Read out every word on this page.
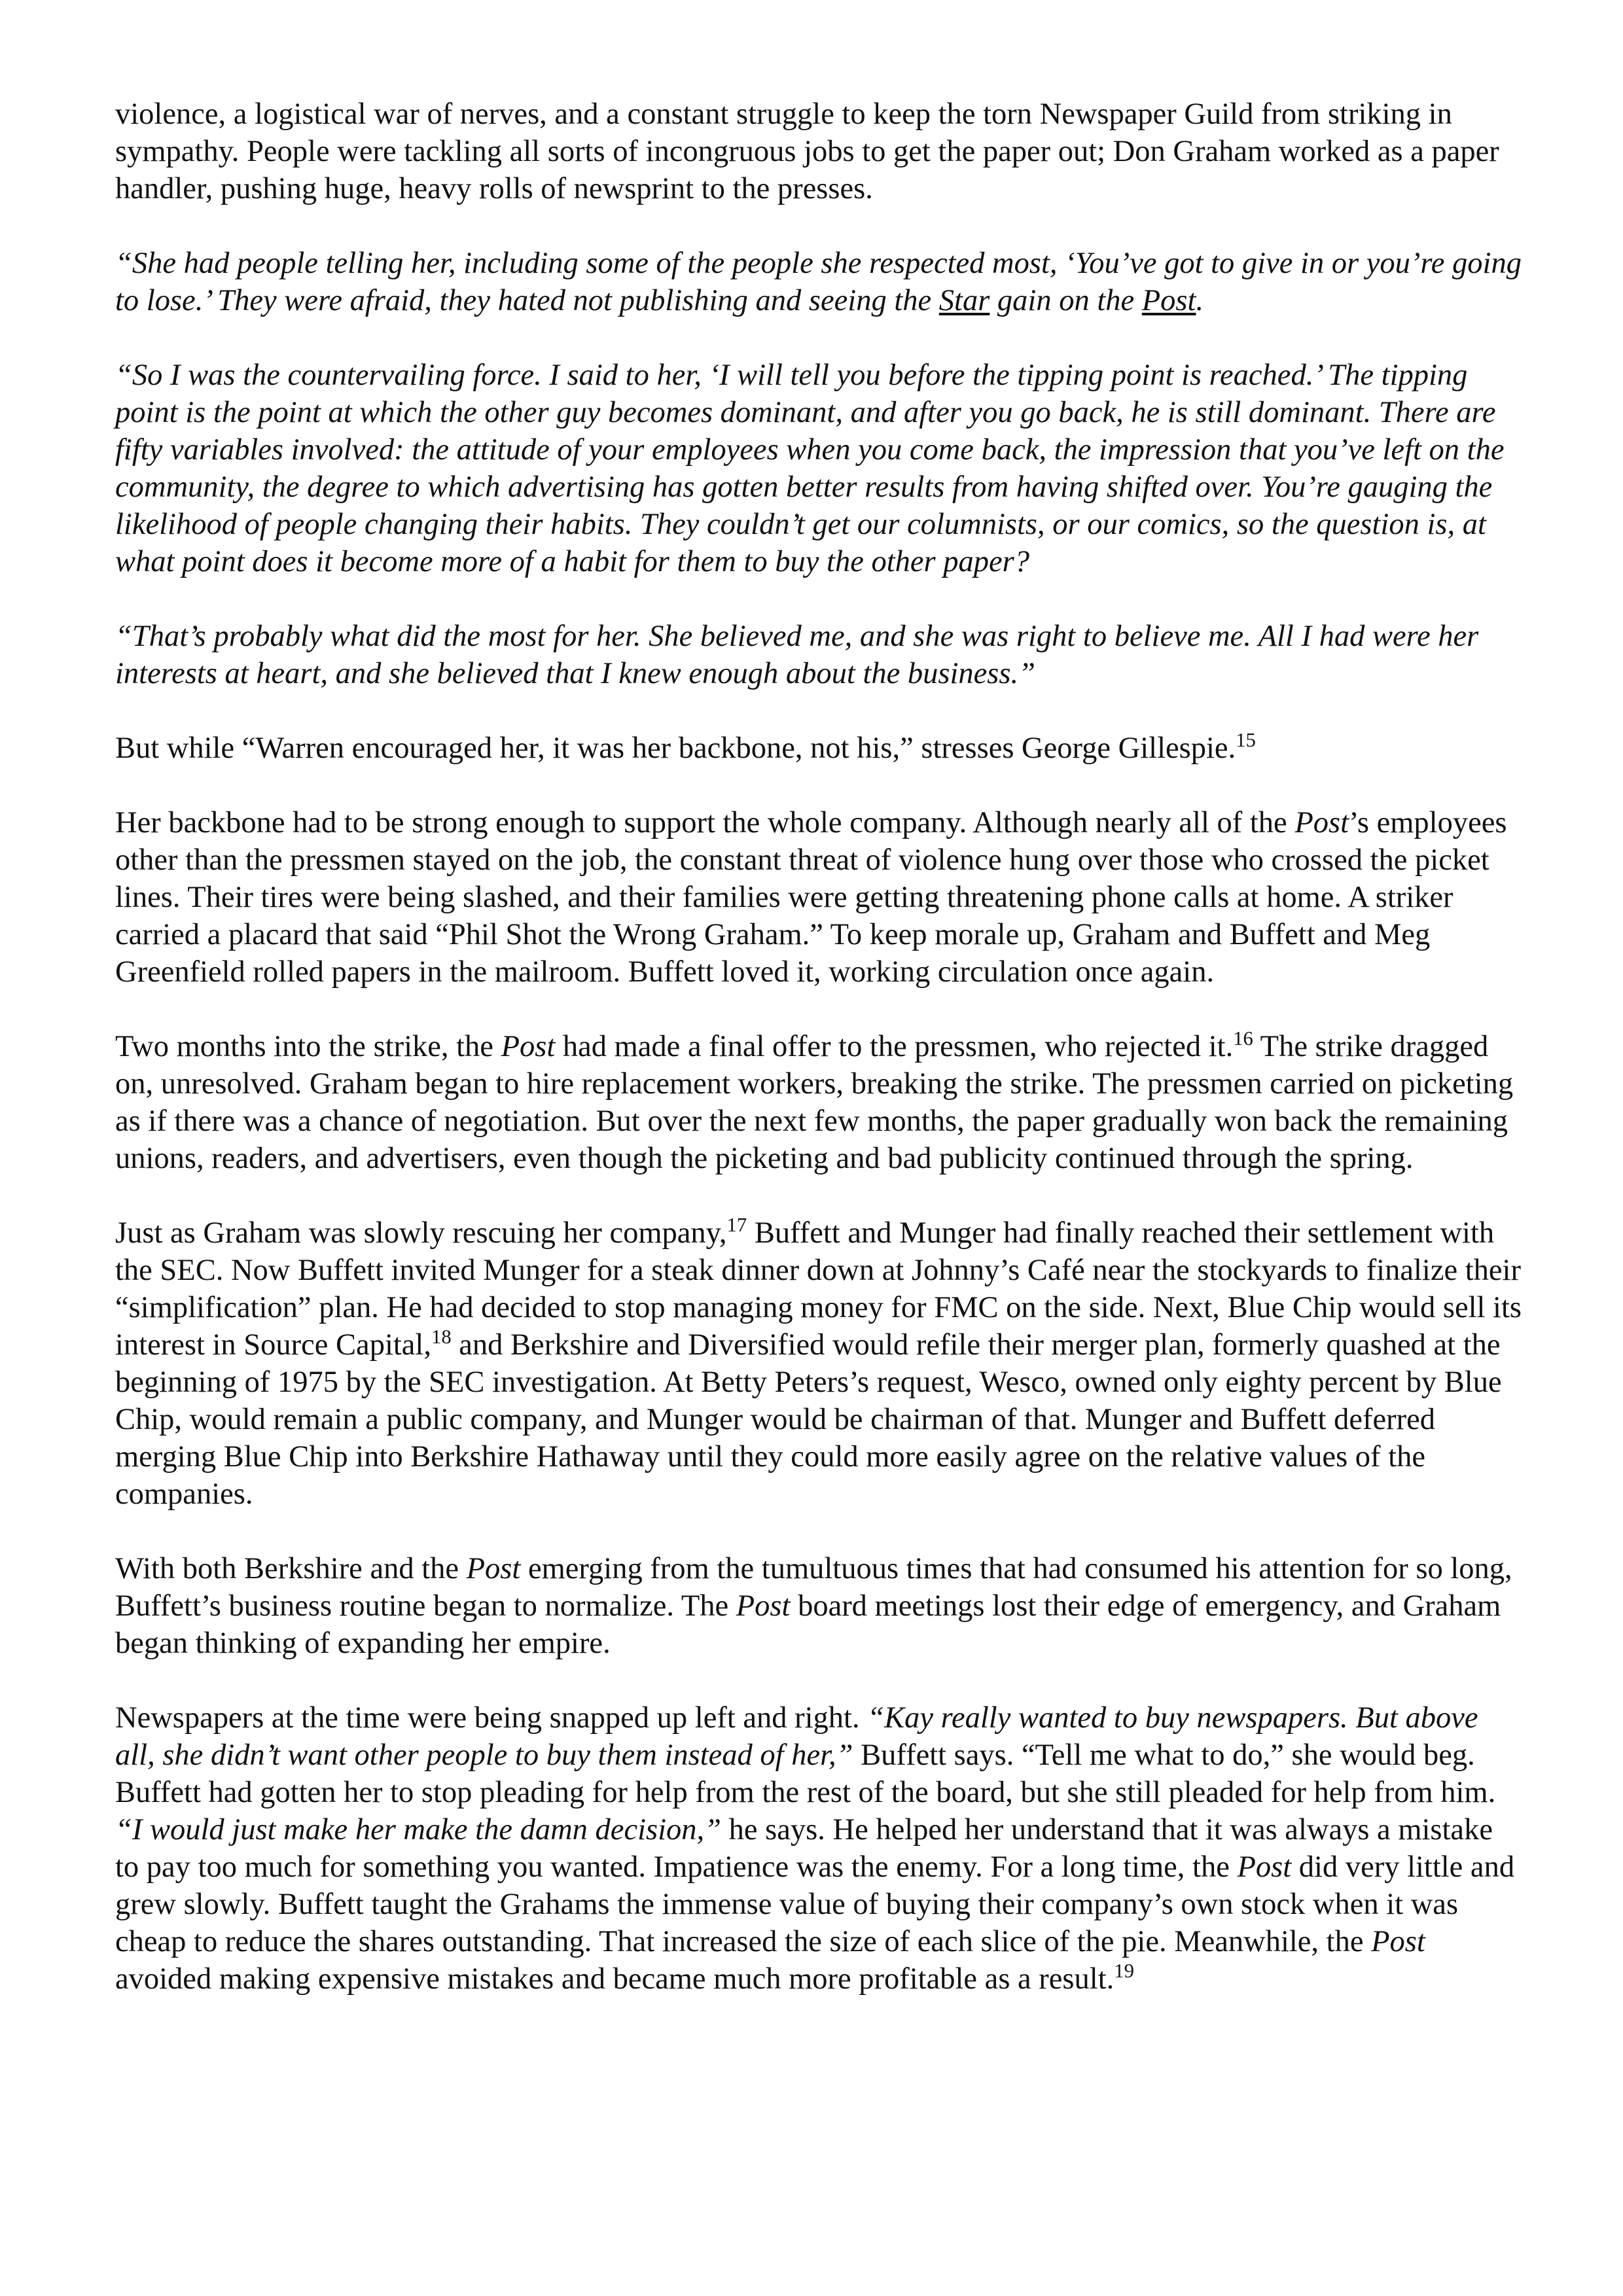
violence, a logistical war of nerves, and a constant struggle to keep the torn Newspaper Guild from striking in sympathy. People were tackling all sorts of incongruous jobs to get the paper out; Don Graham worked as a paper handler, pushing huge, heavy rolls of newsprint to the presses.

“She had people telling her, including some of the people she respected most, ‘You’ve got to give in or you’re going to lose.’ They were afraid, they hated not publishing and seeing the Star gain on the Post.

“So I was the countervailing force. I said to her, ‘I will tell you before the tipping point is reached.’ The tipping point is the point at which the other guy becomes dominant, and after you go back, he is still dominant. There are fifty variables involved: the attitude of your employees when you come back, the impression that you’ve left on the community, the degree to which advertising has gotten better results from having shifted over. You’re gauging the likelihood of people changing their habits. They couldn’t get our columnists, or our comics, so the question is, at what point does it become more of a habit for them to buy the other paper?

“That’s probably what did the most for her. She believed me, and she was right to believe me. All I had were her interests at heart, and she believed that I knew enough about the business.”

But while “Warren encouraged her, it was her backbone, not his,” stresses George Gillespie.$^{15}$

Her backbone had to be strong enough to support the whole company. Although nearly all of the Post’s employees other than the pressmen stayed on the job, the constant threat of violence hung over those who crossed the picket lines. Their tires were being slashed, and their families were getting threatening phone calls at home. A striker carried a placard that said “Phil Shot the Wrong Graham.” To keep morale up, Graham and Buffett and Meg Greenfield rolled papers in the mailroom. Buffett loved it, working circulation once again.

Two months into the strike, the Post had made a final offer to the pressmen, who rejected it.$^{16}$ The strike dragged on, unresolved. Graham began to hire replacement workers, breaking the strike. The pressmen carried on picketing as if there was a chance of negotiation. But over the next few months, the paper gradually won back the remaining unions, readers, and advertisers, even though the picketing and bad publicity continued through the spring.

Just as Graham was slowly rescuing her company,$^{17}$ Buffett and Munger had finally reached their settlement with the SEC. Now Buffett invited Munger for a steak dinner down at Johnny’s Café near the stockyards to finalize their “simplification” plan. He had decided to stop managing money for FMC on the side. Next, Blue Chip would sell its interest in Source Capital,$^{18}$ and Berkshire and Diversified would refile their merger plan, formerly quashed at the beginning of 1975 by the SEC investigation. At Betty Peters’s request, Wesco, owned only eighty percent by Blue Chip, would remain a public company, and Munger would be chairman of that. Munger and Buffett deferred merging Blue Chip into Berkshire Hathaway until they could more easily agree on the relative values of the companies.

With both Berkshire and the Post emerging from the tumultuous times that had consumed his attention for so long, Buffett’s business routine began to normalize. The Post board meetings lost their edge of emergency, and Graham began thinking of expanding her empire.

Newspapers at the time were being snapped up left and right. “Kay really wanted to buy newspapers. But above all, she didn’t want other people to buy them instead of her,” Buffett says. “Tell me what to do,” she would beg. Buffett had gotten her to stop pleading for help from the rest of the board, but she still pleaded for help from him. “I would just make her make the damn decision,” he says. He helped her understand that it was always a mistake to pay too much for something you wanted. Impatience was the enemy. For a long time, the Post did very little and grew slowly. Buffett taught the Grahams the immense value of buying their company’s own stock when it was cheap to reduce the shares outstanding. That increased the size of each slice of the pie. Meanwhile, the Post avoided making expensive mistakes and became much more profitable as a result.$^{19}$
